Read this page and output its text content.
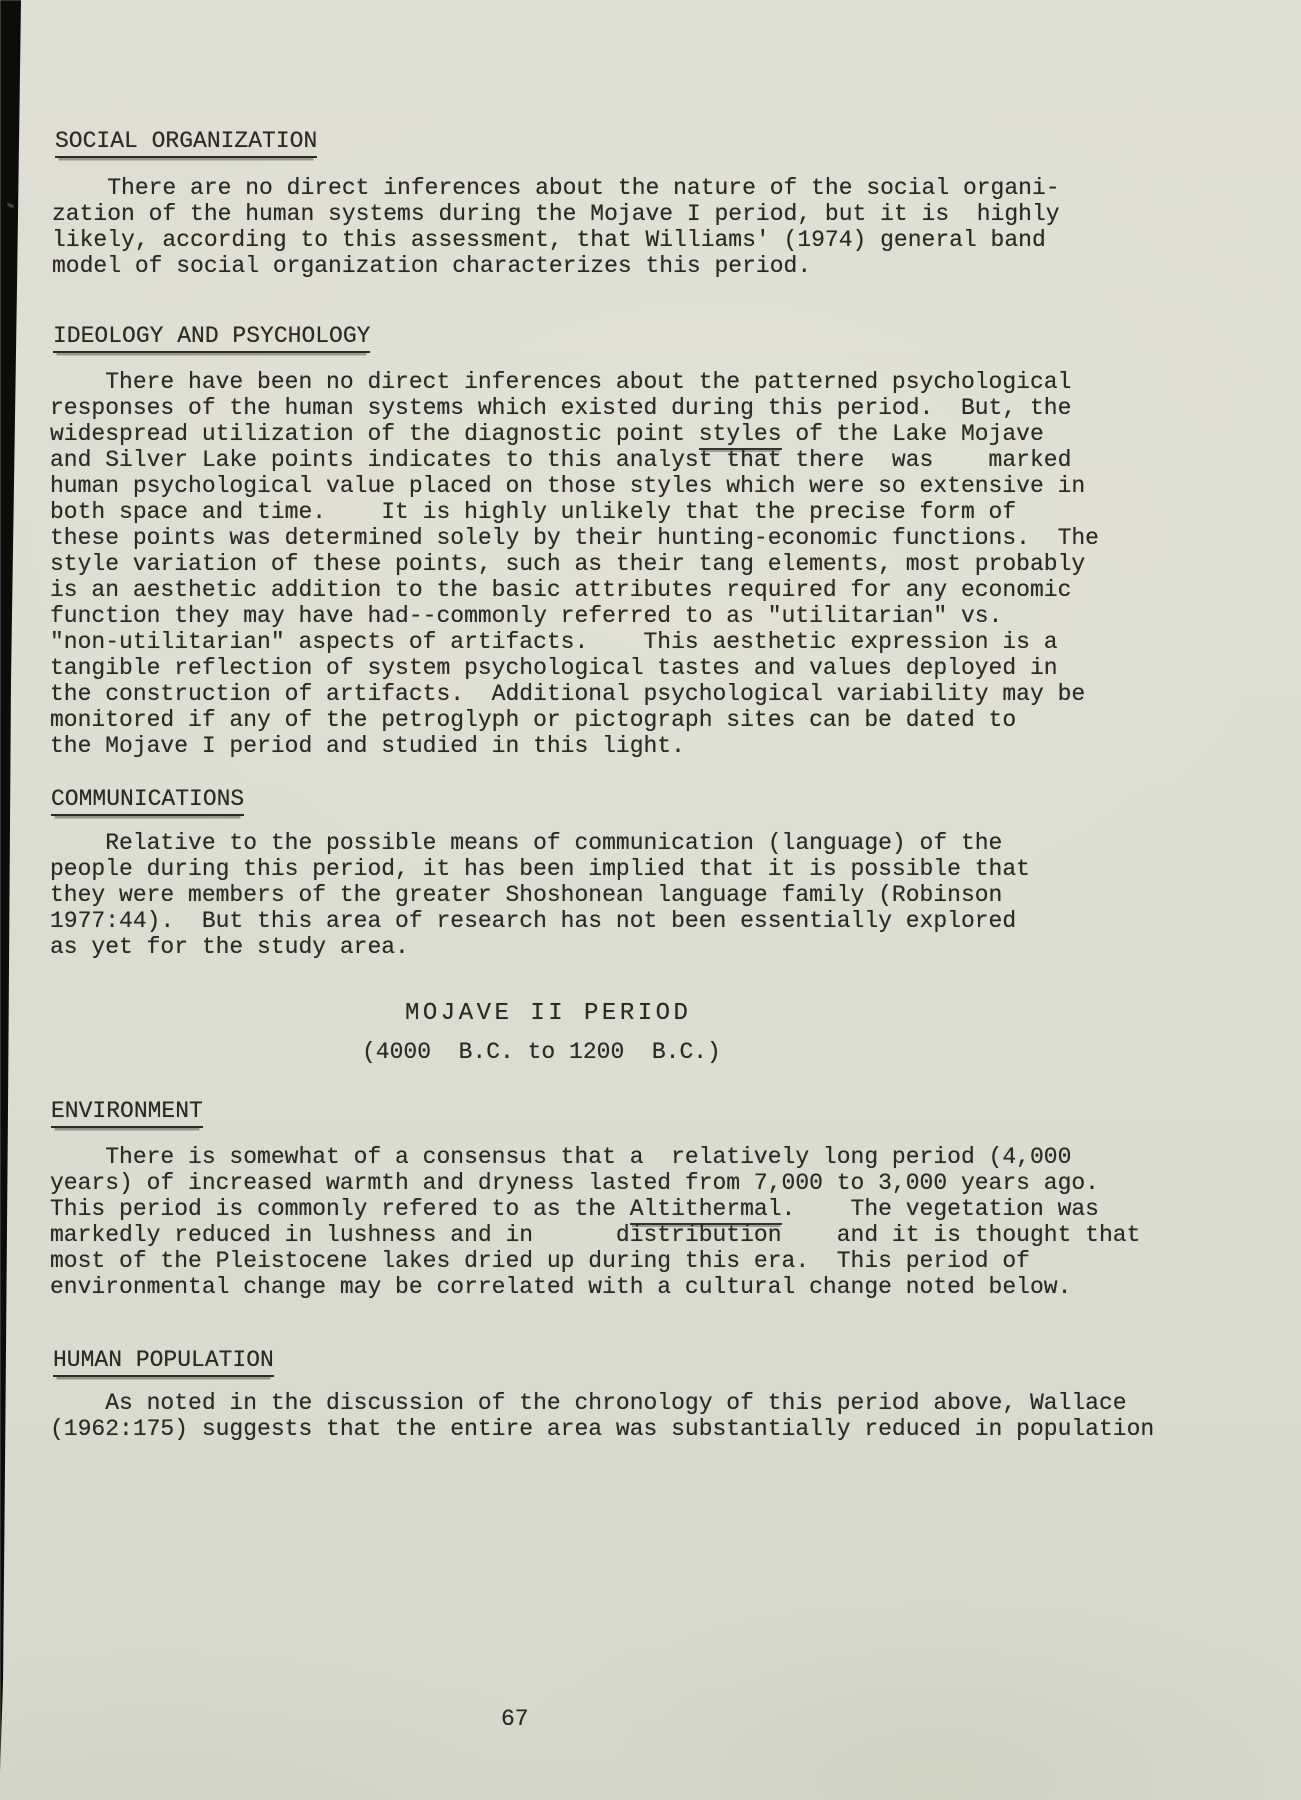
SOCIAL ORGANIZATION
There are no direct inferences about the nature of the social organi-
zation of the human systems during the Mojave I period, but it is  highly
likely, according to this assessment, that Williams' (1974) general band
model of social organization characterizes this period.
IDEOLOGY AND PSYCHOLOGY
There have been no direct inferences about the patterned psychological
responses of the human systems which existed during this period.  But, the
widespread utilization of the diagnostic point styles of the Lake Mojave
and Silver Lake points indicates to this analyst that there  was    marked
human psychological value placed on those styles which were so extensive in
both space and time.    It is highly unlikely that the precise form of
these points was determined solely by their hunting-economic functions.  The
style variation of these points, such as their tang elements, most probably
is an aesthetic addition to the basic attributes required for any economic
function they may have had--commonly referred to as "utilitarian" vs.
"non-utilitarian" aspects of artifacts.    This aesthetic expression is a
tangible reflection of system psychological tastes and values deployed in
the construction of artifacts.  Additional psychological variability may be
monitored if any of the petroglyph or pictograph sites can be dated to
the Mojave I period and studied in this light.
COMMUNICATIONS
Relative to the possible means of communication (language) of the
people during this period, it has been implied that it is possible that
they were members of the greater Shoshonean language family (Robinson
1977:44).  But this area of research has not been essentially explored
as yet for the study area.
MOJAVE II PERIOD
(4000  B.C. to 1200  B.C.)
ENVIRONMENT
There is somewhat of a consensus that a  relatively long period (4,000
years) of increased warmth and dryness lasted from 7,000 to 3,000 years ago.
This period is commonly refered to as the Altithermal.    The vegetation was
markedly reduced in lushness and in      distribution    and it is thought that
most of the Pleistocene lakes dried up during this era.  This period of
environmental change may be correlated with a cultural change noted below.
HUMAN POPULATION
As noted in the discussion of the chronology of this period above, Wallace
(1962:175) suggests that the entire area was substantially reduced in population
67
